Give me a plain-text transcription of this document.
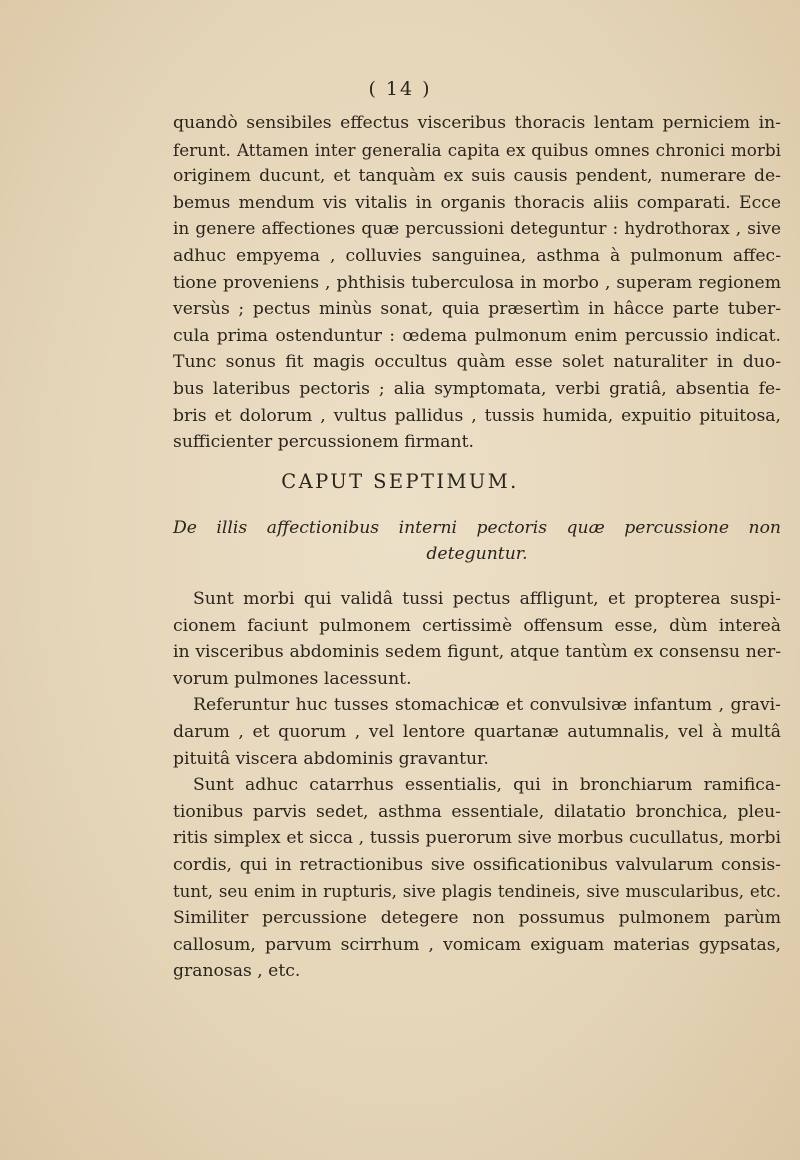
( 14 )
quandò sensibiles effectus visceribus thoracis lentam perniciem in-
ferunt. Attamen inter generalia capita ex quibus omnes chronici morbi
originem ducunt, et tanquàm ex suis causis pendent, numerare de-
bemus mendum vis vitalis in organis thoracis aliis comparati. Ecce
in genere affectiones quæ percussioni deteguntur : hydrothorax , sive
adhuc empyema , colluvies sanguinea, asthma à pulmonum affec-
tione proveniens , phthisis tuberculosa in morbo , superam regionem
versùs ; pectus minùs sonat, quia præsertìm in hâcce parte tuber-
cula prima ostenduntur : œdema pulmonum enim percussio indicat.
Tunc sonus fit magis occultus quàm esse solet naturaliter in duo-
bus lateribus pectoris ; alia symptomata, verbi gratiâ, absentia fe-
bris et dolorum , vultus pallidus , tussis humida, expuitio pituitosa,
sufficienter percussionem firmant.
CAPUT SEPTIMUM.
De illis affectionibus interni pectoris quæ percussione non
deteguntur.
Sunt morbi qui validâ tussi pectus affligunt, et propterea suspi-
cionem faciunt pulmonem certissimè offensum esse, dùm intereà
in visceribus abdominis sedem figunt, atque tantùm ex consensu ner-
vorum pulmones lacessunt.
Referuntur huc tusses stomachicæ et convulsivæ infantum , gravi-
darum , et quorum , vel lentore quartanæ autumnalis, vel à multâ
pituitâ viscera abdominis gravantur.
Sunt adhuc catarrhus essentialis, qui in bronchiarum ramifica-
tionibus parvis sedet, asthma essentiale, dilatatio bronchica, pleu-
ritis simplex et sicca , tussis puerorum sive morbus cucullatus, morbi
cordis, qui in retractionibus sive ossificationibus valvularum consis-
tunt, seu enim in rupturis, sive plagis tendineis, sive muscularibus, etc.
Similiter percussione detegere non possumus pulmonem parùm
callosum, parvum scirrhum , vomicam exiguam materias gypsatas,
granosas , etc.
